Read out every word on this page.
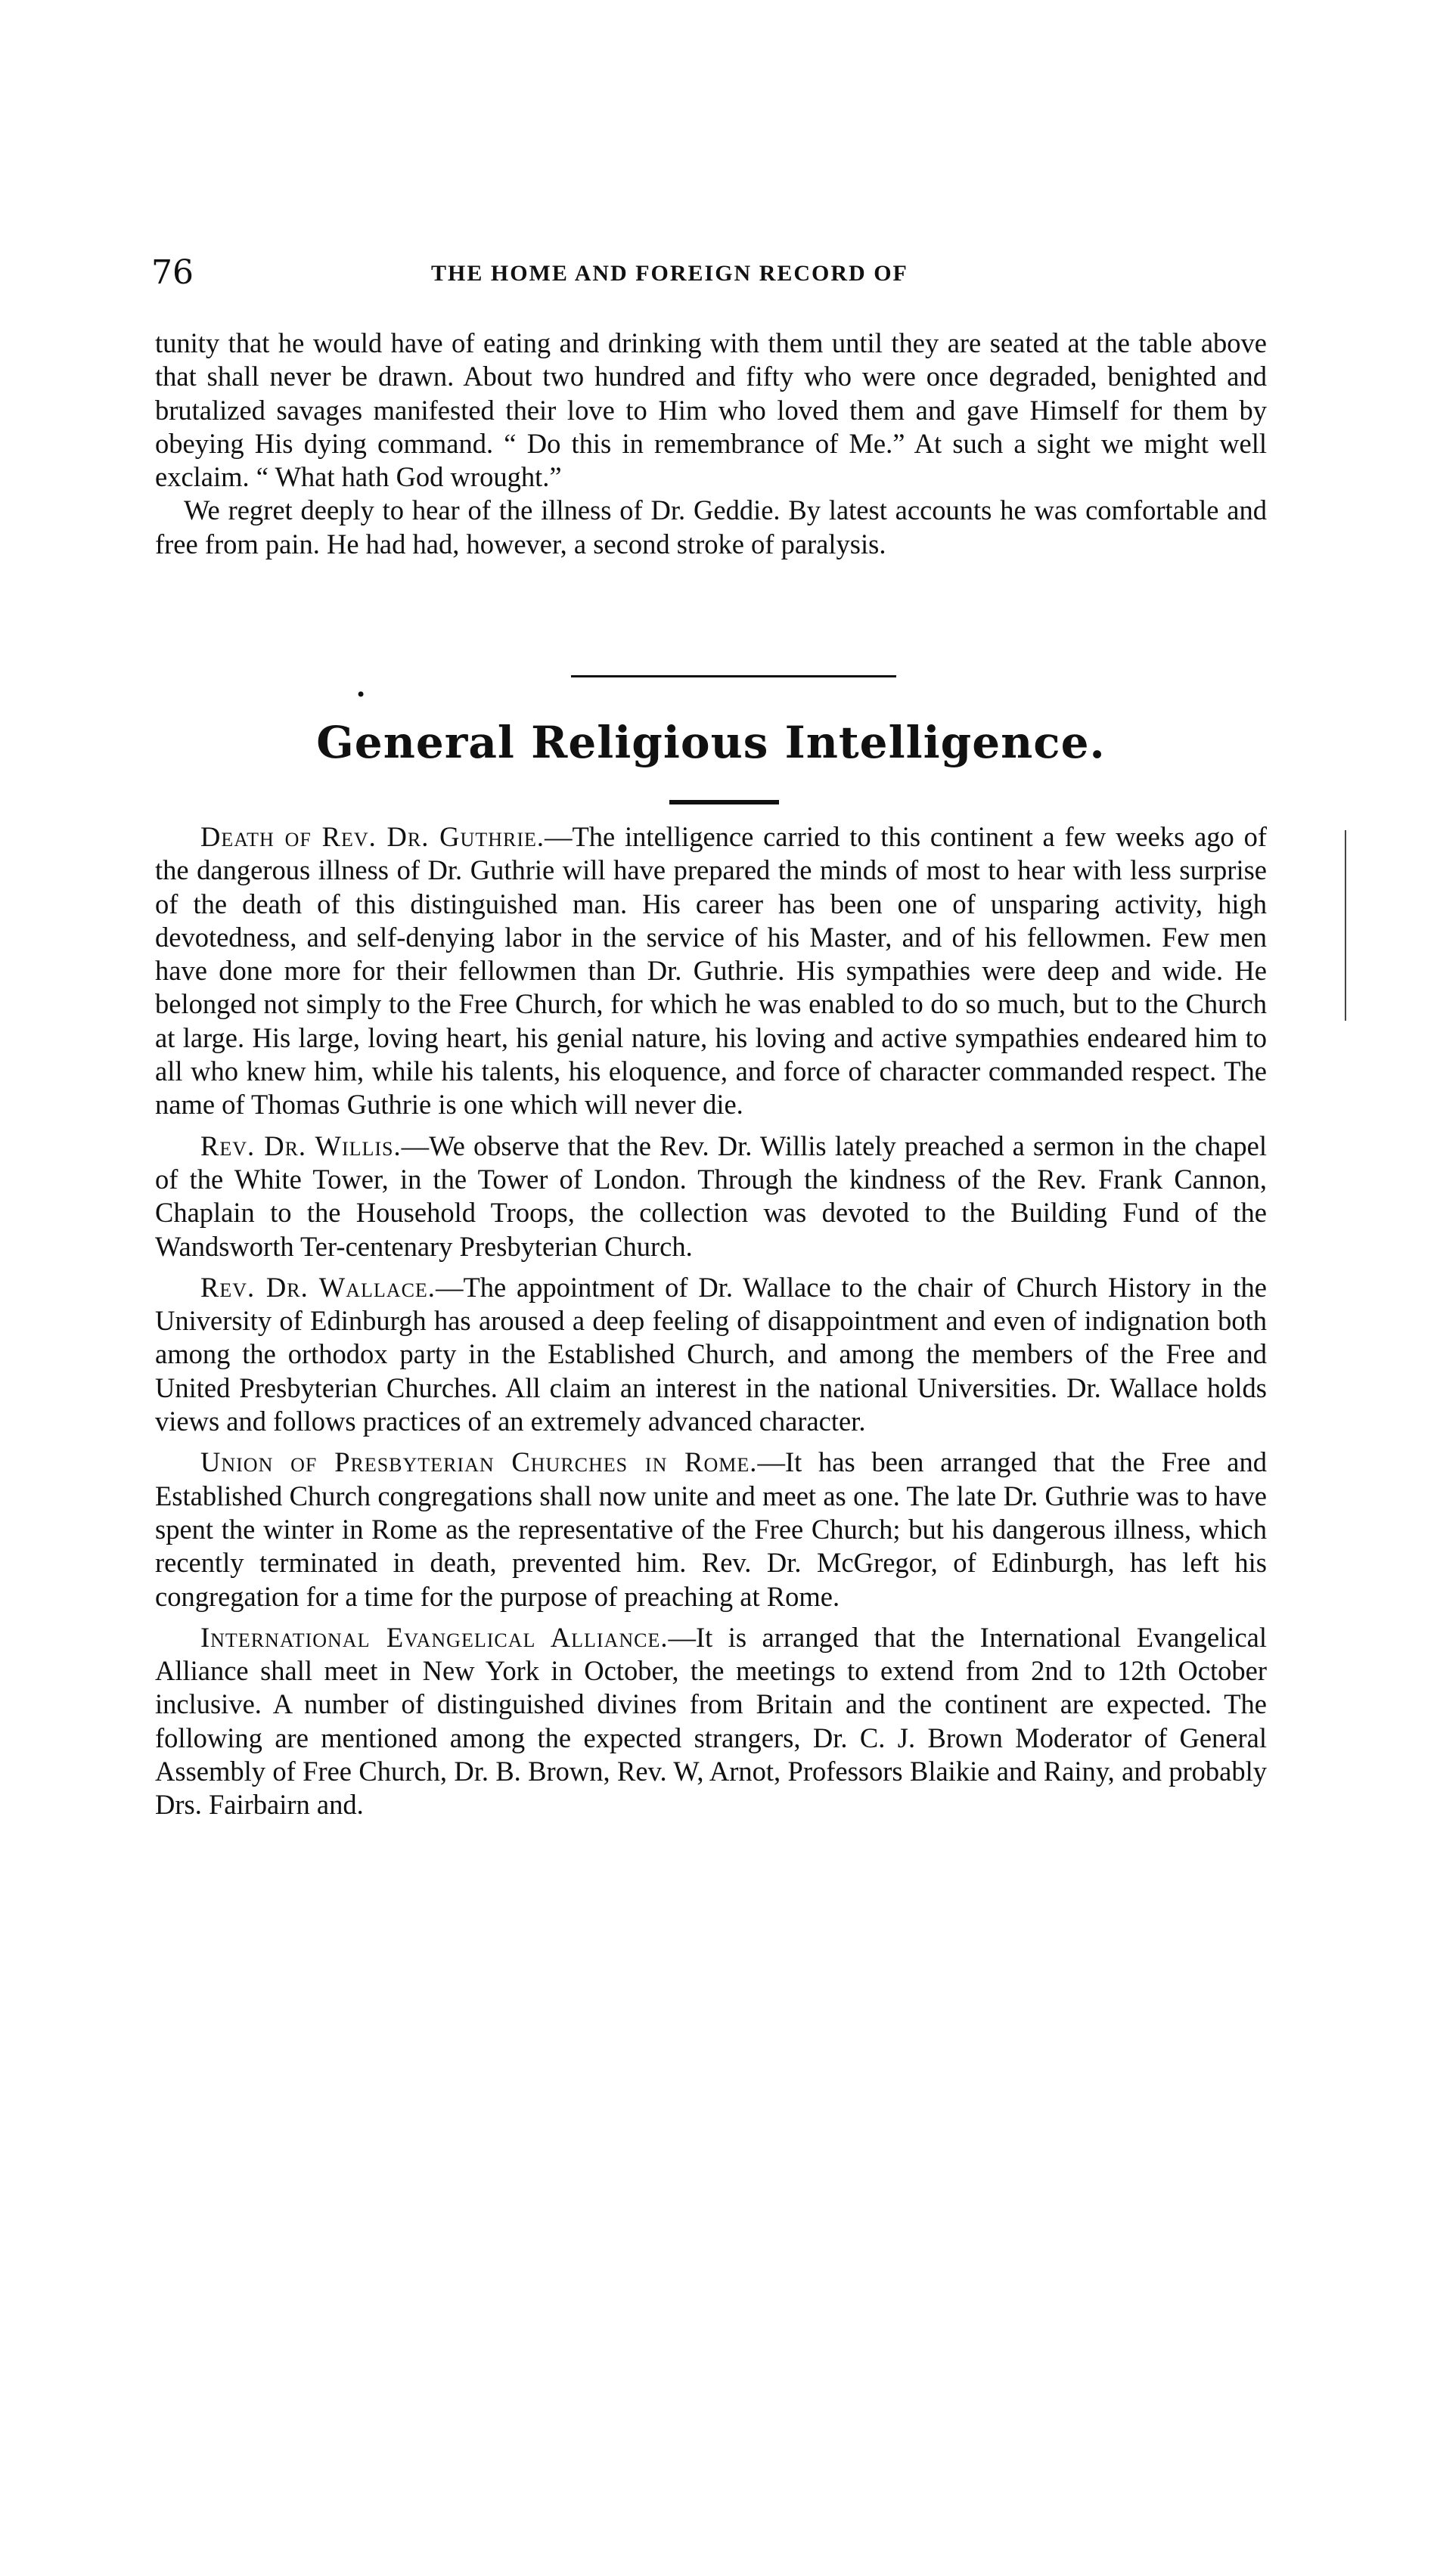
76	THE HOME AND FOREIGN RECORD OF

tunity that he would have of eating and drinking with them until they are seated at the table above that shall never be drawn. About two hundred and fifty who were once degraded, benighted and brutalized savages manifested their love to Him who loved them and gave Himself for them by obeying His dying command. “ Do this in remembrance of Me.” At such a sight we might well exclaim. “ What hath God wrought.”

We regret deeply to hear of the illness of Dr. Geddie. By latest accounts he was comfortable and free from pain. He had had, however, a second stroke of paralysis.

•
General Religious Intelligence.

Death of Rev. Dr. Guthrie.—The intelligence carried to this continent a few weeks ago of the dangerous illness of Dr. Guthrie will have prepared the minds of most to hear with less surprise of the death of this distinguished man. His career has been one of unsparing activity, high devotedness, and self-denying labor in the service of his Master, and of his fellowmen. Few men have done more for their fellowmen than Dr. Guthrie. His sympathies were deep and wide. He belonged not simply to the Free Church, for which he was enabled to do so much, but to the Church at large. His large, loving heart, his genial nature, his loving and active sympathies endeared him to all who knew him, while his talents, his eloquence, and force of character commanded respect. The name of Thomas Guthrie is one which will never die.

Rev. Dr. Willis.—We observe that the Rev. Dr. Willis lately preached a sermon in the chapel of the White Tower, in the Tower of London. Through the kindness of the Rev. Frank Cannon, Chaplain to the Household Troops, the collection was devoted to the Building Fund of the Wandsworth Ter-centenary Presbyterian Church.

Rev. Dr. Wallace.—The appointment of Dr. Wallace to the chair of Church History in the University of Edinburgh has aroused a deep feeling of disappointment and even of indignation both among the orthodox party in the Established Church, and among the members of the Free and United Presbyterian Churches. All claim an interest in the national Universities. Dr. Wallace holds views and follows practices of an extremely advanced character.

Union of Presbyterian Churches in Rome.—It has been arranged that the Free and Established Church congregations shall now unite and meet as one. The late Dr. Guthrie was to have spent the winter in Rome as the representative of the Free Church; but his dangerous illness, which recently terminated in death, prevented him. Rev. Dr. McGregor, of Edinburgh, has left his congregation for a time for the purpose of preaching at Rome.

International Evangelical Alliance.—It is arranged that the International Evangelical Alliance shall meet in New York in October, the meetings to extend from 2nd to 12th October inclusive. A number of distinguished divines from Britain and the continent are expected. The following are mentioned among the expected strangers, Dr. C. J. Brown Moderator of General Assembly of Free Church, Dr. B. Brown, Rev. W, Arnot, Professors Blaikie and Rainy, and probably Drs. Fairbairn and.
